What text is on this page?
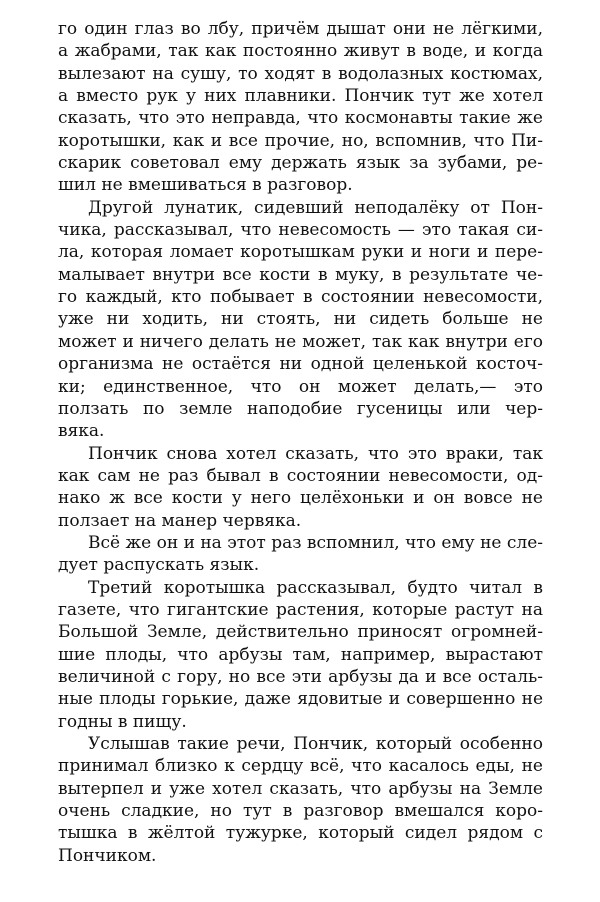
го один глаз во лбу, причём дышат они не лёгкими,
а жабрами, так как постоянно живут в воде, и когда
вылезают на сушу, то ходят в водолазных костюмах,
а вместо рук у них плавники. Пончик тут же хотел
сказать, что это неправда, что космонавты такие же
коротышки, как и все прочие, но, вспомнив, что Пи-
скарик советовал ему держать язык за зубами, ре-
шил не вмешиваться в разговор.
Другой лунатик, сидевший неподалёку от Пон-
чика, рассказывал, что невесомость — это такая си-
ла, которая ломает коротышкам руки и ноги и пере-
малывает внутри все кости в муку, в результате че-
го каждый, кто побывает в состоянии невесомости,
уже ни ходить, ни стоять, ни сидеть больше не
может и ничего делать не может, так как внутри его
организма не остаётся ни одной целенькой косточ-
ки; единственное, что он может делать,— это
ползать по земле наподобие гусеницы или чер-
вяка.
Пончик снова хотел сказать, что это враки, так
как сам не раз бывал в состоянии невесомости, од-
нако ж все кости у него целёхоньки и он вовсе не
ползает на манер червяка.
Всё же он и на этот раз вспомнил, что ему не сле-
дует распускать язык.
Третий коротышка рассказывал, будто читал в
газете, что гигантские растения, которые растут на
Большой Земле, действительно приносят огромней-
шие плоды, что арбузы там, например, вырастают
величиной с гору, но все эти арбузы да и все осталь-
ные плоды горькие, даже ядовитые и совершенно не
годны в пищу.
Услышав такие речи, Пончик, который особенно
принимал близко к сердцу всё, что касалось еды, не
вытерпел и уже хотел сказать, что арбузы на Земле
очень сладкие, но тут в разговор вмешался коро-
тышка в жёлтой тужурке, который сидел рядом с
Пончиком.
